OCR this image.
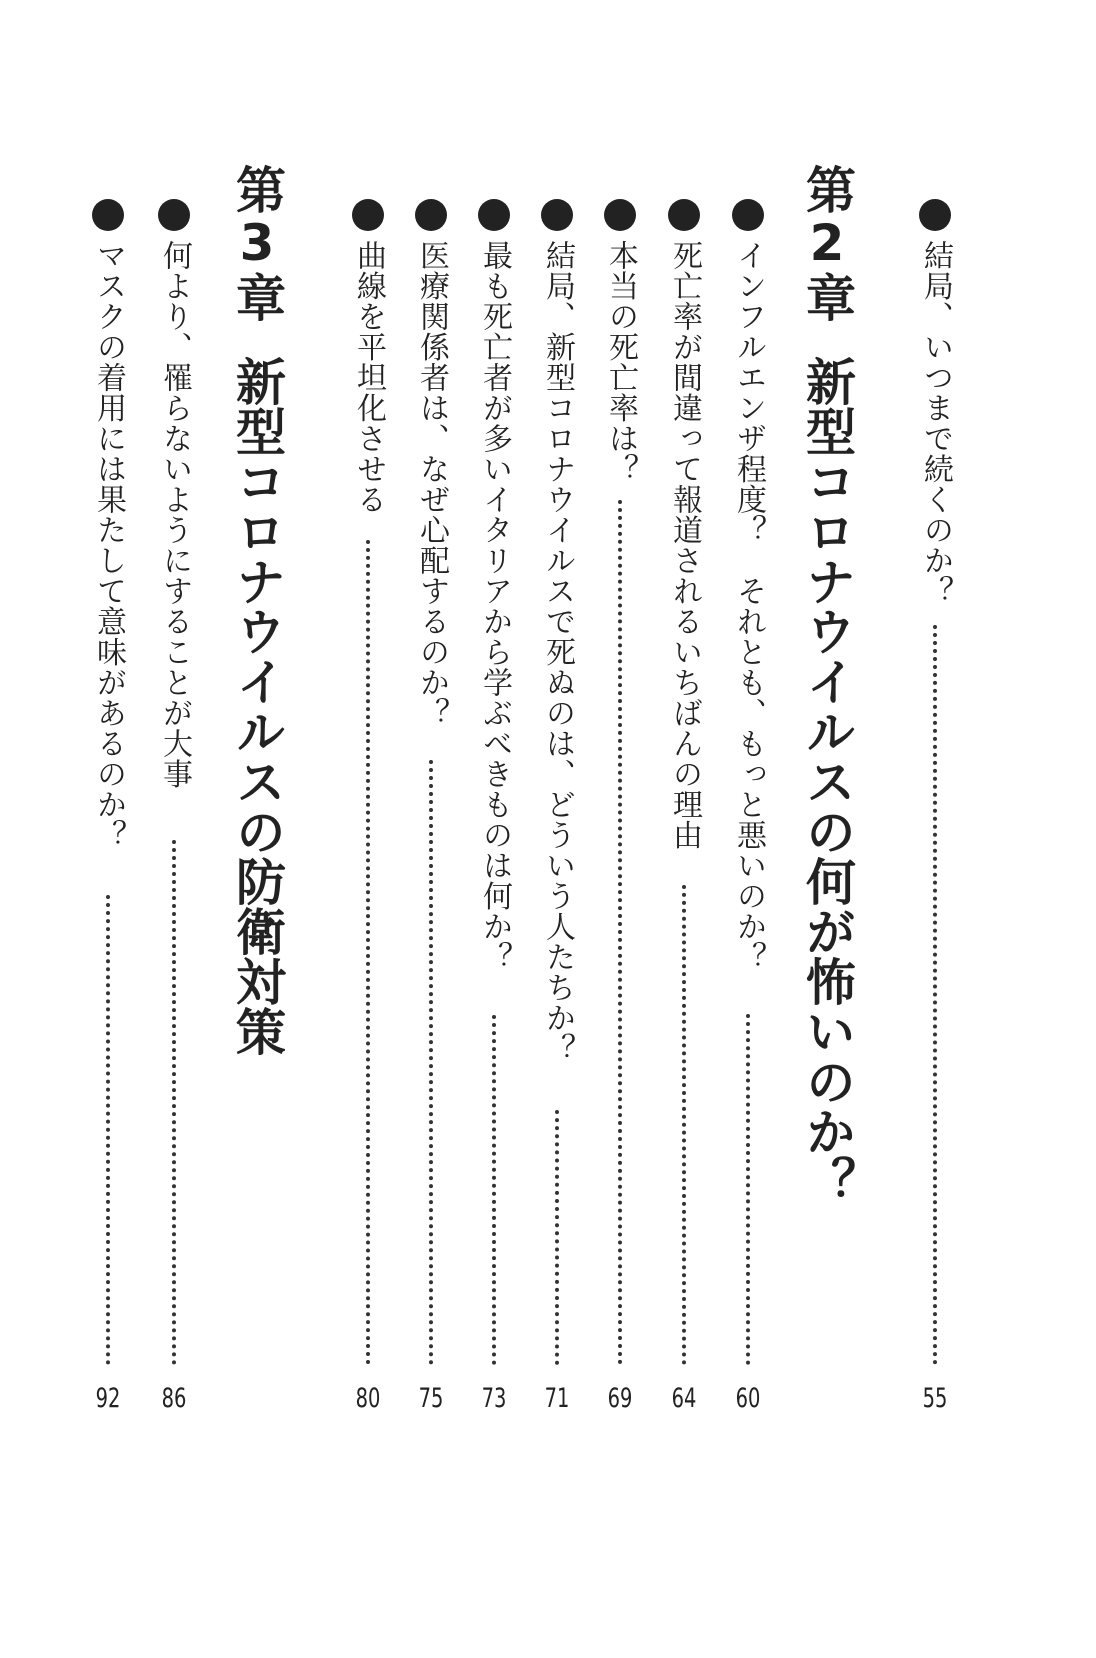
結局、いつまで続くのか？
55
第2章新型コロナウイルスの何が怖いのか？
インフルエンザ程度？　それとも、もっと悪いのか？
60
死亡率が間違って報道されるいちばんの理由
64
本当の死亡率は？
69
結局、新型コロナウイルスで死ぬのは、どういう人たちか？
71
最も死亡者が多いイタリアから学ぶべきものは何か？
73
医療関係者は、なぜ心配するのか？
75
曲線を平坦化させる
80
第3章新型コロナウイルスの防衛対策
何より、罹らないようにすることが大事
86
マスクの着用には果たして意味があるのか？
92
